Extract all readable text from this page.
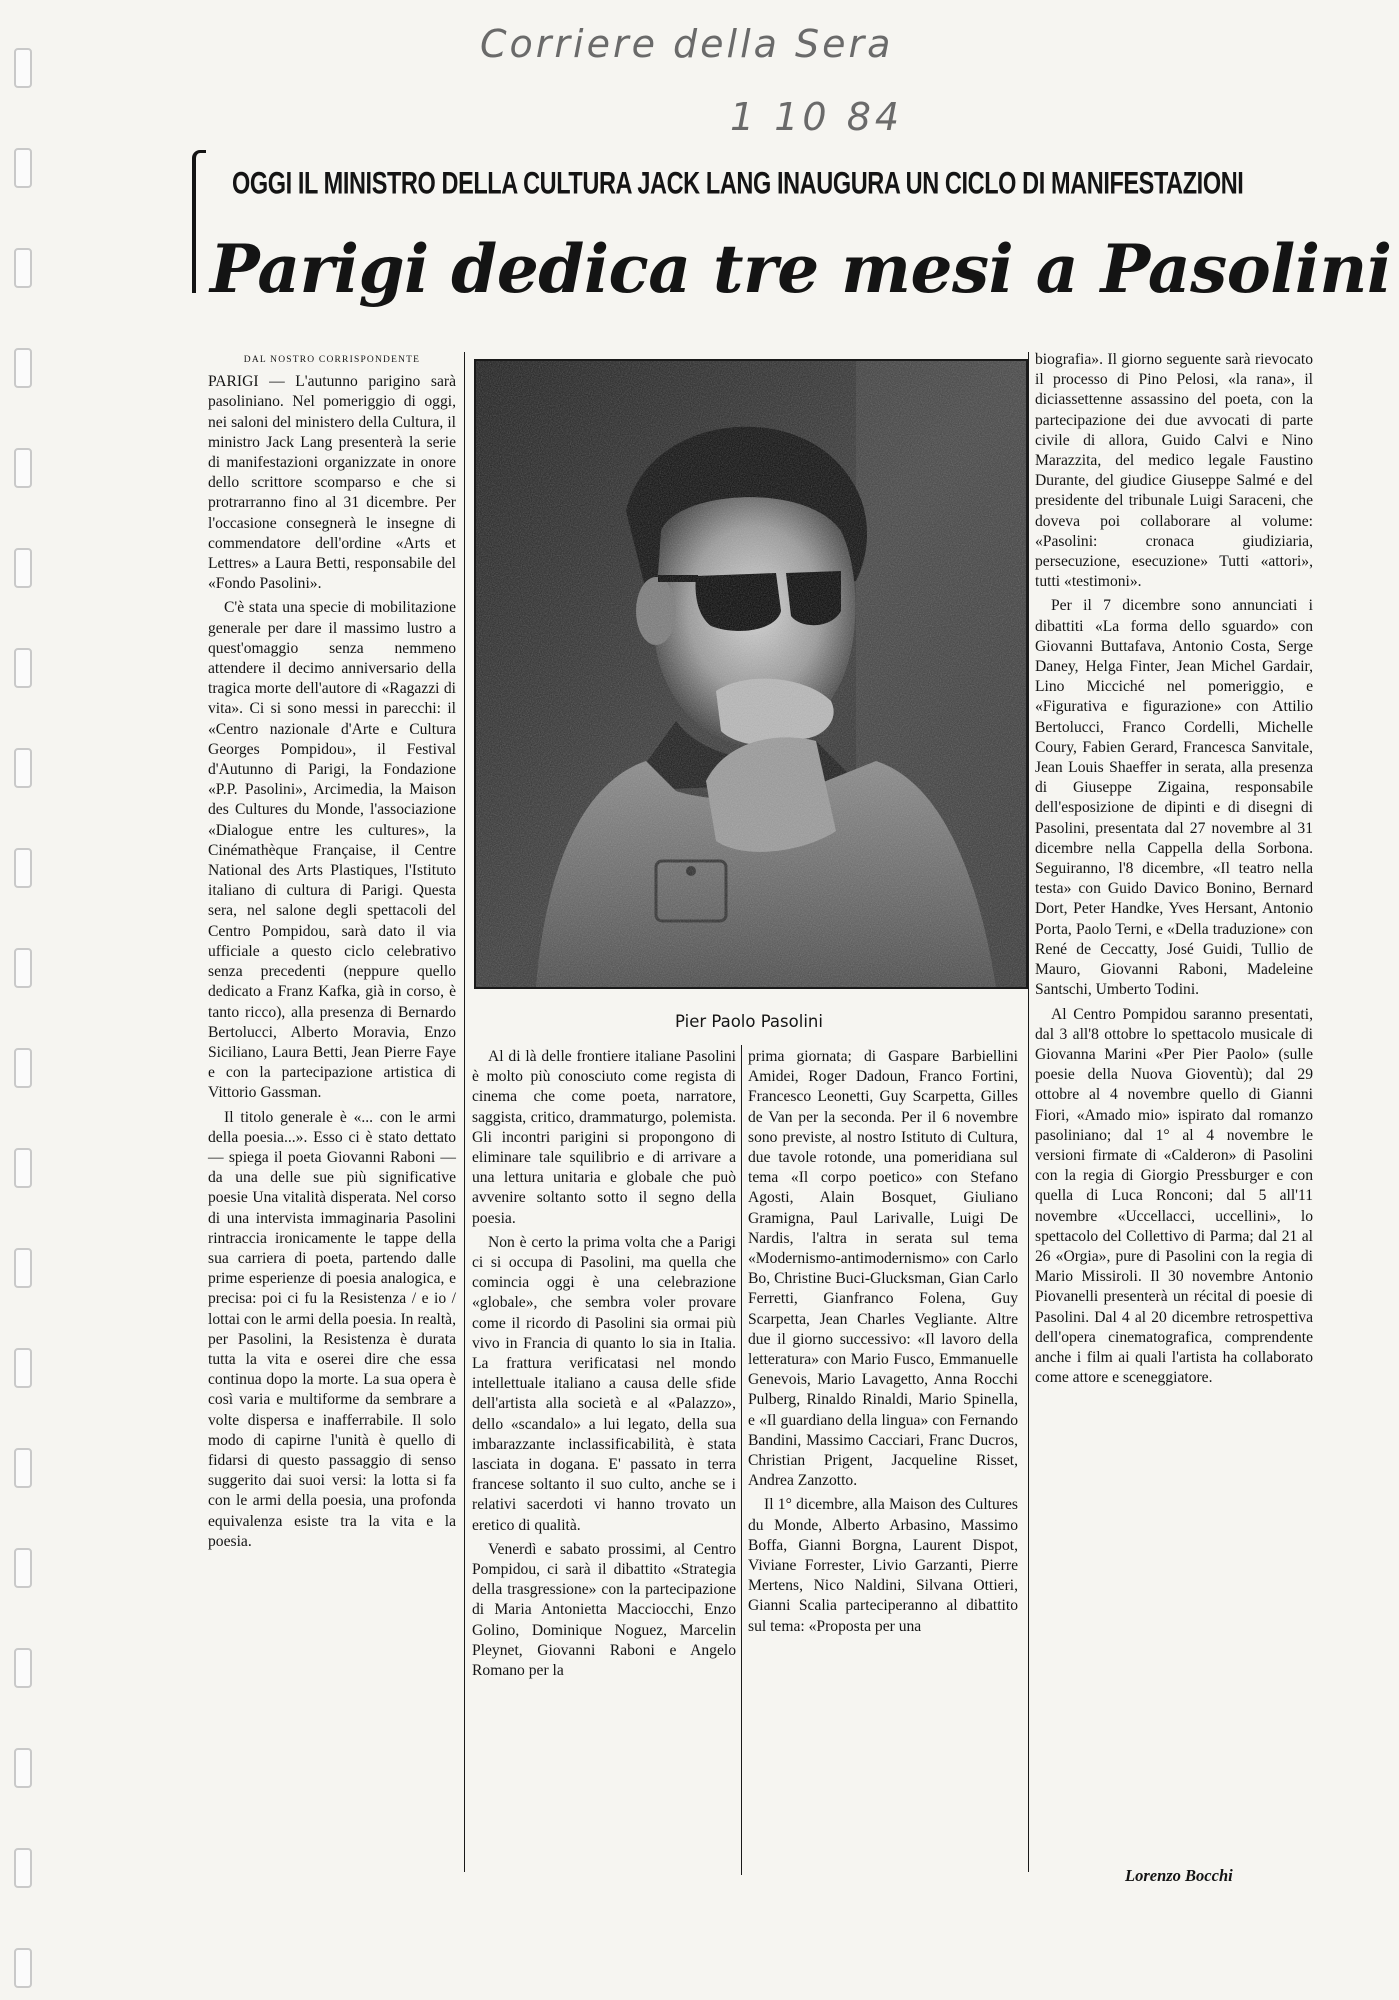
Corriere della Sera
1 10 84
OGGI IL MINISTRO DELLA CULTURA JACK LANG INAUGURA UN CICLO DI MANIFESTAZIONI
Parigi dedica tre mesi a Pasolini
DAL NOSTRO CORRISPONDENTE

PARIGI — L'autunno parigino sarà pasoliniano. Nel pomeriggio di oggi, nei saloni del ministero della Cultura, il ministro Jack Lang presenterà la serie di manifestazioni organizzate in onore dello scrittore scomparso e che si protrarranno fino al 31 dicembre. Per l'occasione consegnerà le insegne di commendatore dell'ordine «Arts et Lettres» a Laura Betti, responsabile del «Fondo Pasolini».

C'è stata una specie di mobilitazione generale per dare il massimo lustro a quest'omaggio senza nemmeno attendere il decimo anniversario della tragica morte dell'autore di «Ragazzi di vita». Ci si sono messi in parecchi: il «Centro nazionale d'Arte e Cultura Georges Pompidou», il Festival d'Autunno di Parigi, la Fondazione «P.P. Pasolini», Arcimedia, la Maison des Cultures du Monde, l'associazione «Dialogue entre les cultures», la Cinémathèque Française, il Centre National des Arts Plastiques, l'Istituto italiano di cultura di Parigi. Questa sera, nel salone degli spettacoli del Centro Pompidou, sarà dato il via ufficiale a questo ciclo celebrativo senza precedenti (neppure quello dedicato a Franz Kafka, già in corso, è tanto ricco), alla presenza di Bernardo Bertolucci, Alberto Moravia, Enzo Siciliano, Laura Betti, Jean Pierre Faye e con la partecipazione artistica di Vittorio Gassman.

Il titolo generale è «... con le armi della poesia...». Esso ci è stato dettato — spiega il poeta Giovanni Raboni — da una delle sue più significative poesie Una vitalità disperata. Nel corso di una intervista immaginaria Pasolini rintraccia ironicamente le tappe della sua carriera di poeta, partendo dalle prime esperienze di poesia analogica, e precisa: poi ci fu la Resistenza / e io / lottai con le armi della poesia. In realtà, per Pasolini, la Resistenza è durata tutta la vita e oserei dire che essa continua dopo la morte. La sua opera è così varia e multiforme da sembrare a volte dispersa e inafferrabile. Il solo modo di capirne l'unità è quello di fidarsi di questo passaggio di senso suggerito dai suoi versi: la lotta si fa con le armi della poesia, una profonda equivalenza esiste tra la vita e la poesia.

Pier Paolo Pasolini

Al di là delle frontiere italiane Pasolini è molto più conosciuto come regista di cinema che come poeta, narratore, saggista, critico, drammaturgo, polemista. Gli incontri parigini si propongono di eliminare tale squilibrio e di arrivare a una lettura unitaria e globale che può avvenire soltanto sotto il segno della poesia.

Non è certo la prima volta che a Parigi ci si occupa di Pasolini, ma quella che comincia oggi è una celebrazione «globale», che sembra voler provare come il ricordo di Pasolini sia ormai più vivo in Francia di quanto lo sia in Italia. La frattura verificatasi nel mondo intellettuale italiano a causa delle sfide dell'artista alla società e al «Palazzo», dello «scandalo» a lui legato, della sua imbarazzante inclassificabilità, è stata lasciata in dogana. E' passato in terra francese soltanto il suo culto, anche se i relativi sacerdoti vi hanno trovato un eretico di qualità.

Venerdì e sabato prossimi, al Centro Pompidou, ci sarà il dibattito «Strategia della trasgressione» con la partecipazione di Maria Antonietta Macciocchi, Enzo Golino, Dominique Noguez, Marcelin Pleynet, Giovanni Raboni e Angelo Romano per la

prima giornata; di Gaspare Barbiellini Amidei, Roger Dadoun, Franco Fortini, Francesco Leonetti, Guy Scarpetta, Gilles de Van per la seconda. Per il 6 novembre sono previste, al nostro Istituto di Cultura, due tavole rotonde, una pomeridiana sul tema «Il corpo poetico» con Stefano Agosti, Alain Bosquet, Giuliano Gramigna, Paul Larivalle, Luigi De Nardis, l'altra in serata sul tema «Modernismo-antimodernismo» con Carlo Bo, Christine Buci-Glucksman, Gian Carlo Ferretti, Gianfranco Folena, Guy Scarpetta, Jean Charles Vegliante. Altre due il giorno successivo: «Il lavoro della letteratura» con Mario Fusco, Emmanuelle Genevois, Mario Lavagetto, Anna Rocchi Pulberg, Rinaldo Rinaldi, Mario Spinella, e «Il guardiano della lingua» con Fernando Bandini, Massimo Cacciari, Franc Ducros, Christian Prigent, Jacqueline Risset, Andrea Zanzotto.

Il 1° dicembre, alla Maison des Cultures du Monde, Alberto Arbasino, Massimo Boffa, Gianni Borgna, Laurent Dispot, Viviane Forrester, Livio Garzanti, Pierre Mertens, Nico Naldini, Silvana Ottieri, Gianni Scalia parteciperanno al dibattito sul tema: «Proposta per una

biografia». Il giorno seguente sarà rievocato il processo di Pino Pelosi, «la rana», il diciassettenne assassino del poeta, con la partecipazione dei due avvocati di parte civile di allora, Guido Calvi e Nino Marazzita, del medico legale Faustino Durante, del giudice Giuseppe Salmé e del presidente del tribunale Luigi Saraceni, che doveva poi collaborare al volume: «Pasolini: cronaca giudiziaria, persecuzione, esecuzione» Tutti «attori», tutti «testimoni».

Per il 7 dicembre sono annunciati i dibattiti «La forma dello sguardo» con Giovanni Buttafava, Antonio Costa, Serge Daney, Helga Finter, Jean Michel Gardair, Lino Micciché nel pomeriggio, e «Figurativa e figurazione» con Attilio Bertolucci, Franco Cordelli, Michelle Coury, Fabien Gerard, Francesca Sanvitale, Jean Louis Shaeffer in serata, alla presenza di Giuseppe Zigaina, responsabile dell'esposizione de dipinti e di disegni di Pasolini, presentata dal 27 novembre al 31 dicembre nella Cappella della Sorbona. Seguiranno, l'8 dicembre, «Il teatro nella testa» con Guido Davico Bonino, Bernard Dort, Peter Handke, Yves Hersant, Antonio Porta, Paolo Terni, e «Della traduzione» con René de Ceccatty, José Guidi, Tullio de Mauro, Giovanni Raboni, Madeleine Santschi, Umberto Todini.

Al Centro Pompidou saranno presentati, dal 3 all'8 ottobre lo spettacolo musicale di Giovanna Marini «Per Pier Paolo» (sulle poesie della Nuova Gioventù); dal 29 ottobre al 4 novembre quello di Gianni Fiori, «Amado mio» ispirato dal romanzo pasoliniano; dal 1° al 4 novembre le versioni firmate di «Calderon» di Pasolini con la regia di Giorgio Pressburger e con quella di Luca Ronconi; dal 5 all'11 novembre «Uccellacci, uccellini», lo spettacolo del Collettivo di Parma; dal 21 al 26 «Orgia», pure di Pasolini con la regia di Mario Missiroli. Il 30 novembre Antonio Piovanelli presenterà un récital di poesie di Pasolini. Dal 4 al 20 dicembre retrospettiva dell'opera cinematografica, comprendente anche i film ai quali l'artista ha collaborato come attore e sceneggiatore.

Lorenzo Bocchi
